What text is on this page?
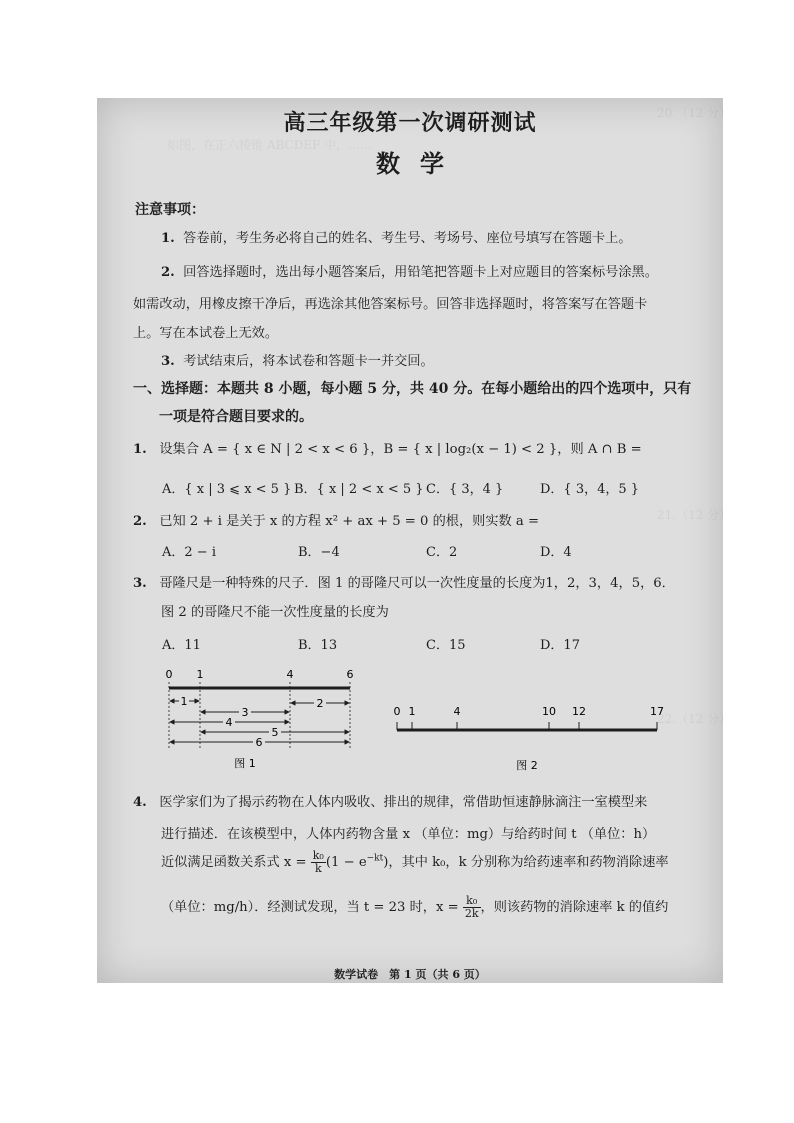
20.（12 分）
如图，在正六棱锥 ABCDEF 中，……
21.（12 分）
22.（12 分）
高三年级第一次调研测试
数学
注意事项：
1. 答卷前，考生务必将自己的姓名、考生号、考场号、座位号填写在答题卡上。
2. 回答选择题时，选出每小题答案后，用铅笔把答题卡上对应题目的答案标号涂黑。
如需改动，用橡皮擦干净后，再选涂其他答案标号。回答非选择题时，将答案写在答题卡
上。写在本试卷上无效。
3. 考试结束后，将本试卷和答题卡一并交回。
一、选择题：本题共 8 小题，每小题 5 分，共 40 分。在每小题给出的四个选项中，只有
一项是符合题目要求的。
1. 设集合 A = { x ∈ N | 2 < x < 6 }，B = { x | log₂(x − 1) < 2 }，则 A ∩ B =
A．{ x | 3 ⩽ x < 5 } B．{ x | 2 < x < 5 } C．{ 3，4 }	D．{ 3，4，5 }
2. 已知 2 + i 是关于 x 的方程 x² + ax + 5 = 0 的根，则实数 a =
A．2 − i	B．−4	C．2	D．4
3. 哥隆尺是一种特殊的尺子．图 1 的哥隆尺可以一次性度量的长度为1，2，3，4，5，6．
图 2 的哥隆尺不能一次性度量的长度为
A．11	B．13	C．15	D．17
0 1	4	6
1
3
2
4
5
6
图 1
0 1	4	10 12	17
图 2
4. 医学家们为了揭示药物在人体内吸收、排出的规律，常借助恒速静脉滴注一室模型来
进行描述．在该模型中，人体内药物含量 x （单位：mg）与给药时间 t （单位：h）
近似满足函数关系式 $x = \frac{\text{k₀}}{k} (1 - e^{-kt})$，其中 k₀，k 分别称为给药速率和药物消除速率
（单位：mg/h）．经测试发现，当 t = 23 时，$x = \frac{\text{k₀}}{2k}$ ，则该药物的消除速率 k 的值约
数学试卷　第 1 页（共 6 页）
